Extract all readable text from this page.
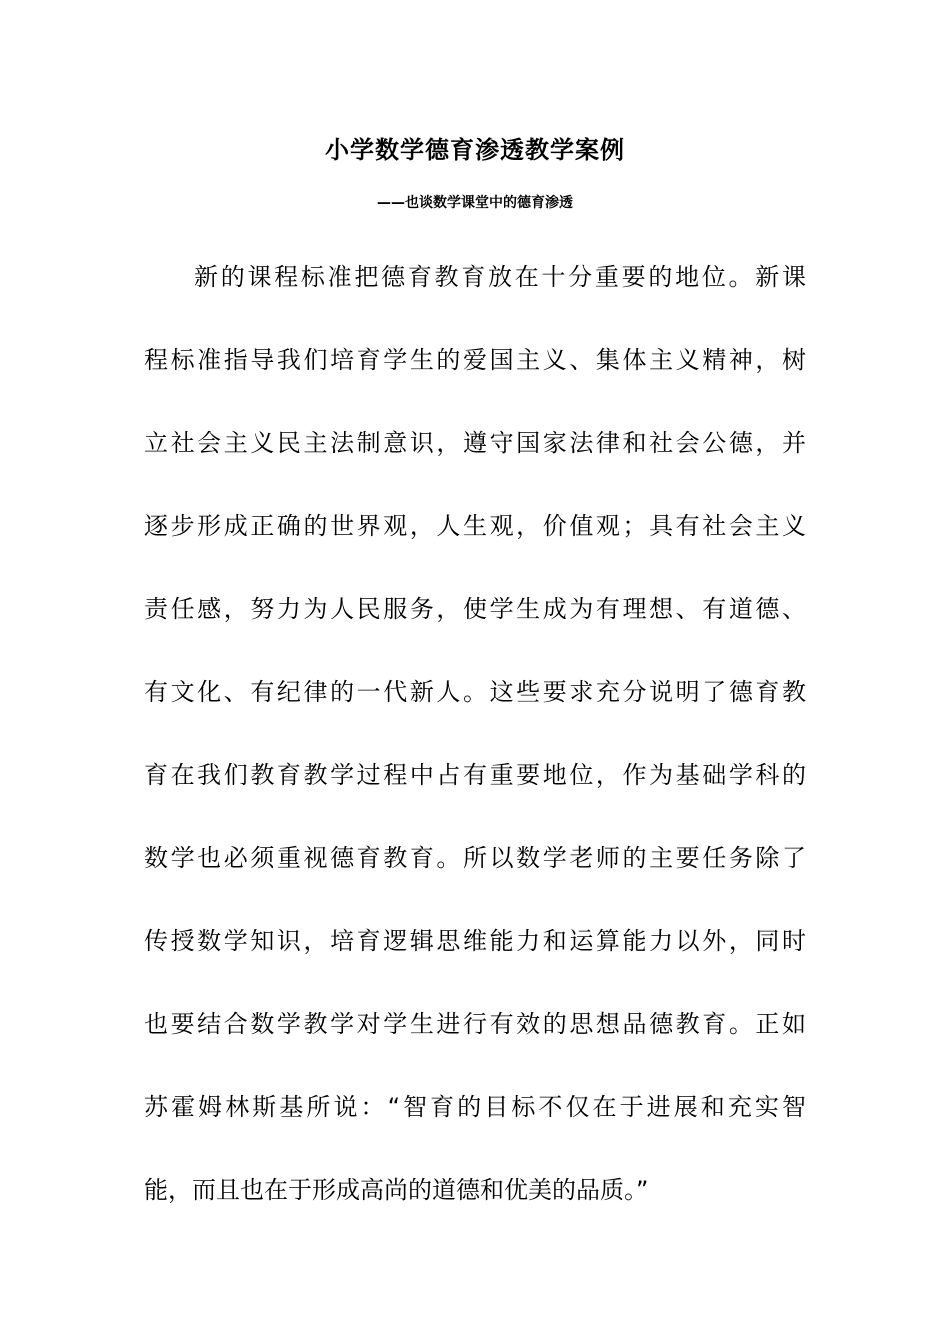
小学数学德育渗透教学案例
——也谈数学课堂中的德育渗透
新的课程标准把德育教育放在十分重要的地位。新课
程标准指导我们培育学生的爱国主义、集体主义精神，树
立社会主义民主法制意识，遵守国家法律和社会公德，并
逐步形成正确的世界观，人生观，价值观；具有社会主义
责任感，努力为人民服务，使学生成为有理想、有道德、
有文化、有纪律的一代新人。这些要求充分说明了德育教
育在我们教育教学过程中占有重要地位，作为基础学科的
数学也必须重视德育教育。所以数学老师的主要任务除了
传授数学知识，培育逻辑思维能力和运算能力以外，同时
也要结合数学教学对学生进行有效的思想品德教育。正如
苏霍姆林斯基所说：“智育的目标不仅在于进展和充实智
能，而且也在于形成高尚的道德和优美的品质。”
